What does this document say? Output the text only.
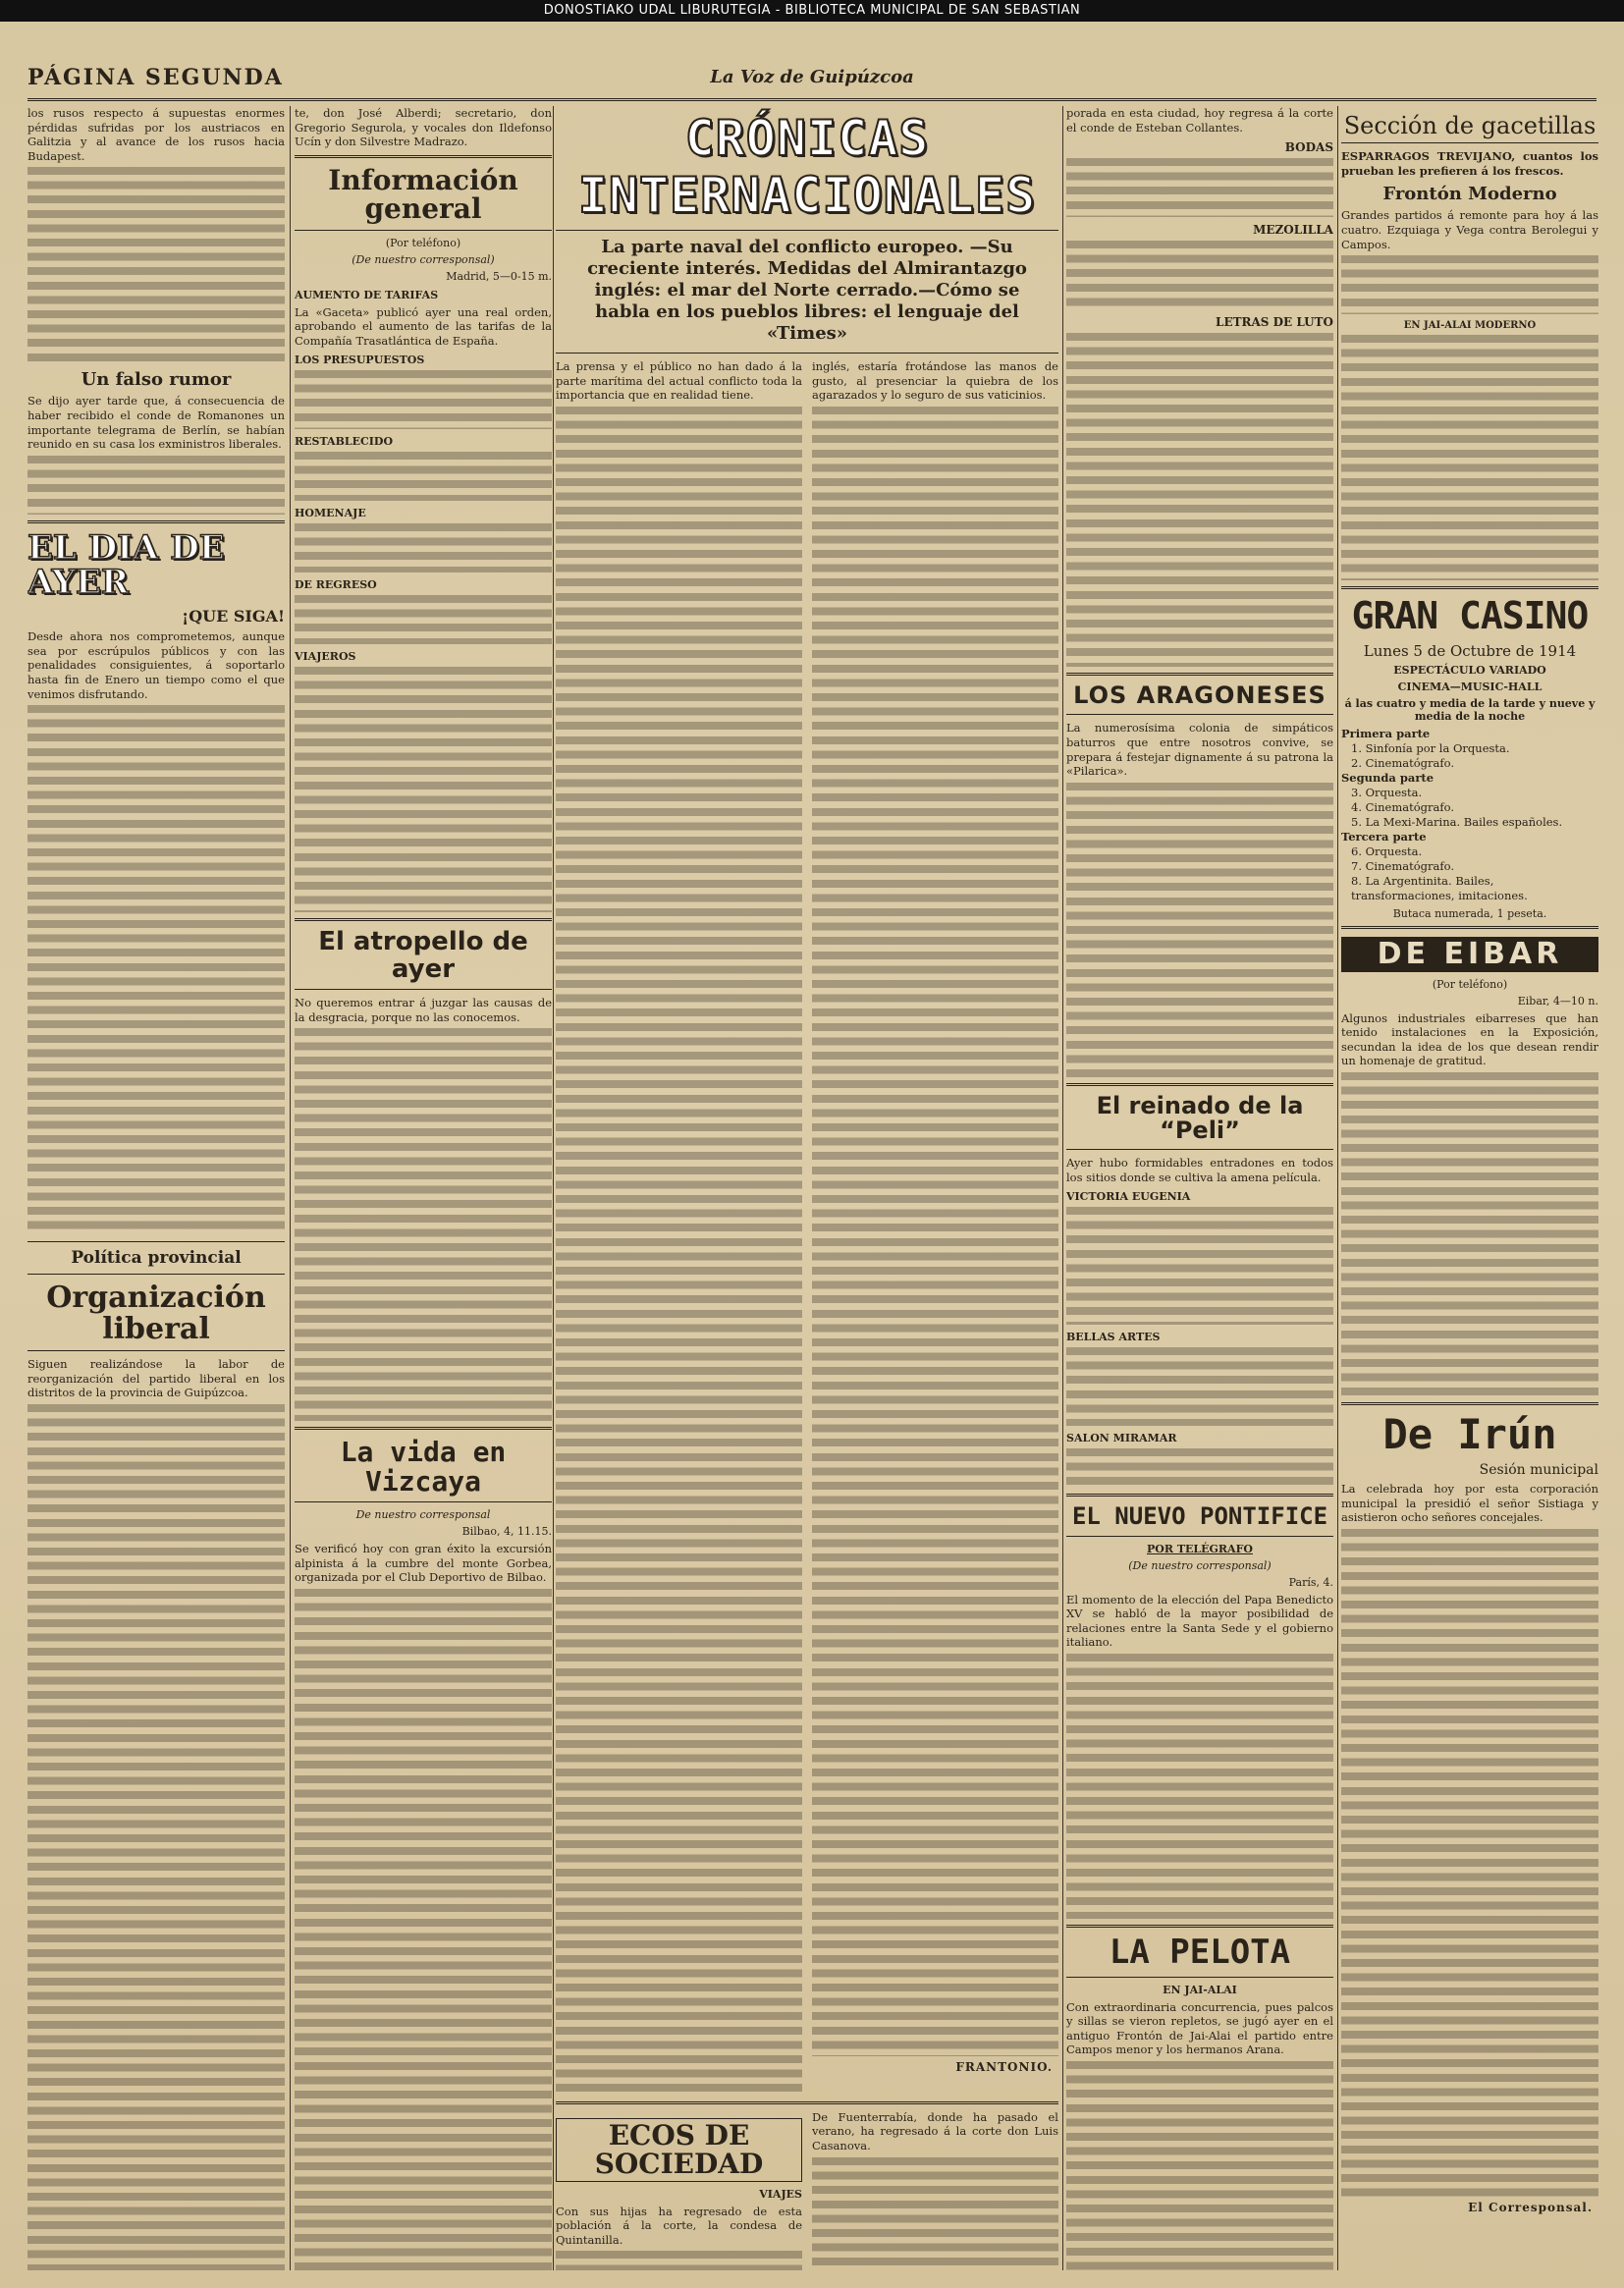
DONOSTIAKO UDAL LIBURUTEGIA - BIBLIOTECA MUNICIPAL DE SAN SEBASTIAN
PÁGINA SEGUNDA	La Voz de Guipúzcoa

los rusos respecto á supuestas enormes pérdidas sufridas por los austriacos en Galitzia y al avance de los rusos hacia Budapest.

Un falso rumor

Se dijo ayer tarde que, á consecuencia de haber recibido el conde de Romanones un importante telegrama de Berlín, se habían reunido en su casa los exministros liberales.

EL DIA DE AYER
¡QUE SIGA!

Desde ahora nos comprometemos, aunque sea por escrúpulos públicos y con las penalidades consiguientes, á soportarlo hasta fin de Enero un tiempo como el que venimos disfrutando.

Política provincial
Organización liberal

Siguen realizándose la labor de reorganización del partido liberal en los distritos de la provincia de Guipúzcoa.

te, don José Alberdi; secretario, don Gregorio Segurola, y vocales don Ildefonso Ucín y don Silvestre Madrazo.

Información general
(Por teléfono)
(De nuestro corresponsal)
Madrid, 5—0-15 m.
AUMENTO DE TARIFAS

La «Gaceta» publicó ayer una real orden, aprobando el aumento de las tarifas de la Compañía Trasatlántica de España.

LOS PRESUPUESTOS
RESTABLECIDO
HOMENAJE
DE REGRESO
VIAJEROS
El atropello de ayer

No queremos entrar á juzgar las causas de la desgracia, porque no las conocemos.

La vida en Vizcaya
De nuestro corresponsal
Bilbao, 4, 11.15.

Se verificó hoy con gran éxito la excursión alpinista á la cumbre del monte Gorbea, organizada por el Club Deportivo de Bilbao.

CRÓNICAS INTERNACIONALES
La parte naval del conflicto europeo. —Su creciente interés. Medidas del Almirantazgo inglés: el mar del Norte cerrado.—Cómo se habla en los pueblos libres: el lenguaje del «Times»

La prensa y el público no han dado á la parte marítima del actual conflicto toda la importancia que en realidad tiene.

inglés, estaría frotándose las manos de gusto, al presenciar la quiebra de los agarazados y lo seguro de sus vaticinios.

FRANTONIO.
ECOS DE SOCIEDAD
VIAJES

Con sus hijas ha regresado de esta población á la corte, la condesa de Quintanilla.

De Fuenterrabía, donde ha pasado el verano, ha regresado á la corte don Luis Casanova.

porada en esta ciudad, hoy regresa á la corte el conde de Esteban Collantes.

BODAS
MEZOLILLA
LETRAS DE LUTO
LOS ARAGONESES

La numerosísima colonia de simpáticos baturros que entre nosotros convive, se prepara á festejar dignamente á su patrona la «Pilarica».

El reinado de la “Peli”

Ayer hubo formidables entradones en todos los sitios donde se cultiva la amena película.

VICTORIA EUGENIA
BELLAS ARTES
SALON MIRAMAR
EL NUEVO PONTIFICE
POR TELÉGRAFO
(De nuestro corresponsal)
París, 4.

El momento de la elección del Papa Benedicto XV se habló de la mayor posibilidad de relaciones entre la Santa Sede y el gobierno italiano.

LA PELOTA
EN JAI-ALAI

Con extraordinaria concurrencia, pues palcos y sillas se vieron repletos, se jugó ayer en el antiguo Frontón de Jai-Alai el partido entre Campos menor y los hermanos Arana.

Sección de gacetillas

ESPARRAGOS TREVIJANO, cuantos los prueban les prefieren á los frescos.

Frontón Moderno

Grandes partidos á remonte para hoy á las cuatro. Ezquiaga y Vega contra Berolegui y Campos.

EN JAI-ALAI MODERNO
GRAN CASINO
Lunes 5 de Octubre de 1914
ESPECTÁCULO VARIADO
CINEMA—MUSIC-HALL
á las cuatro y media de la tarde y nueve y media de la noche
Primera parte
1. Sinfonía por la Orquesta.
2. Cinematógrafo.
Segunda parte
3. Orquesta.
4. Cinematógrafo.
5. La Mexi-Marina. Bailes españoles.
Tercera parte
6. Orquesta.
7. Cinematógrafo.
8. La Argentinita. Bailes, transformaciones, imitaciones.
Butaca numerada, 1 peseta.
DE EIBAR
(Por teléfono)
Eibar, 4—10 n.

Algunos industriales eibarreses que han tenido instalaciones en la Exposición, secundan la idea de los que desean rendir un homenaje de gratitud.

De Irún
Sesión municipal

La celebrada hoy por esta corporación municipal la presidió el señor Sistiaga y asistieron ocho señores concejales.

El Corresponsal.
